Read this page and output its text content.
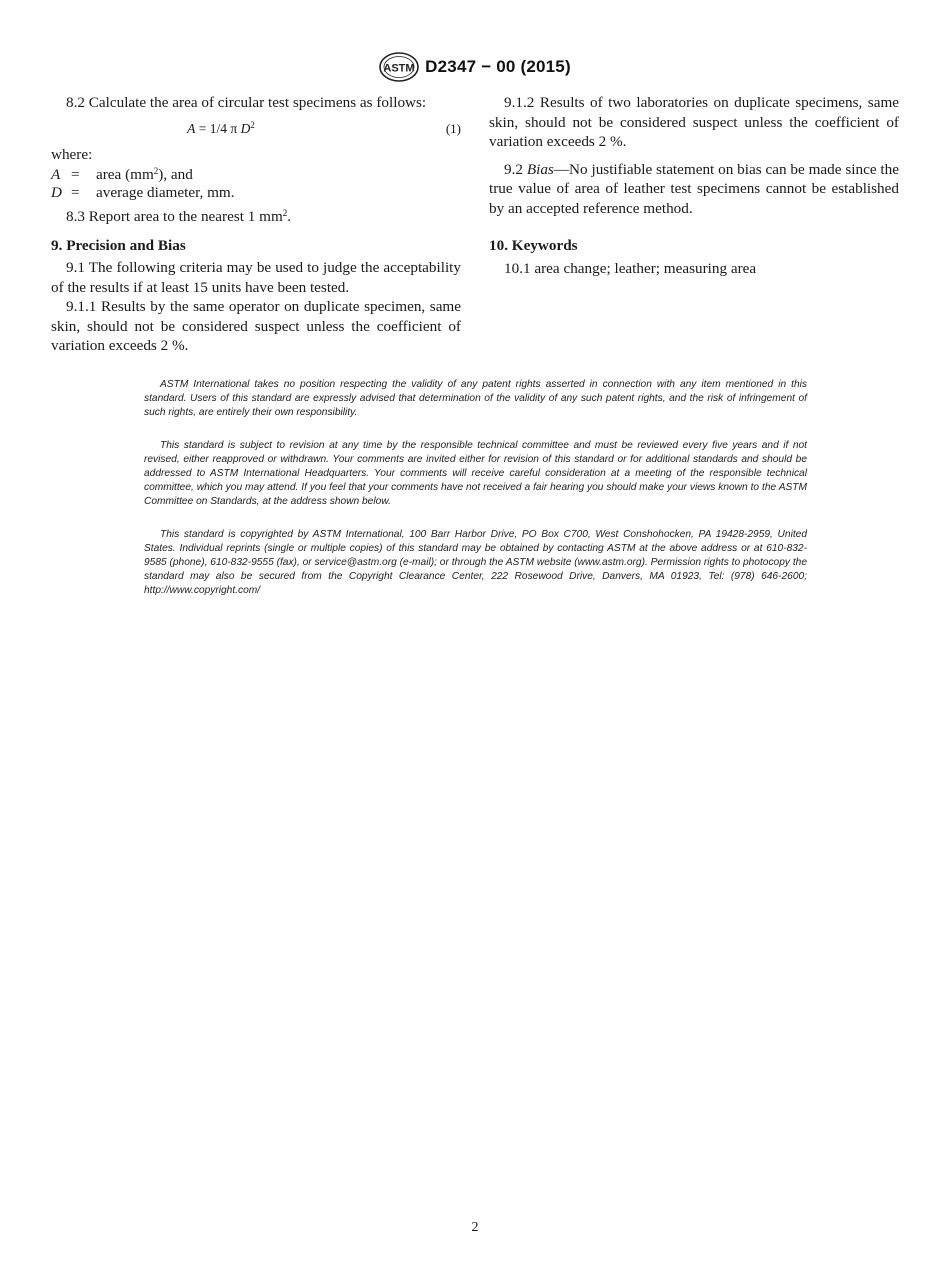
ASTM D2347 − 00 (2015)

8.2 Calculate the area of circular test specimens as follows:

A = 1/4 π $D^2$	(1)
where:
A =	area $(mm^2)$, and
D =	average diameter, mm.

8.3 Report area to the nearest 1 $mm^2$.

9. Precision and Bias

9.1 The following criteria may be used to judge the acceptability of the results if at least 15 units have been tested.

9.1.1 Results by the same operator on duplicate specimen, same skin, should not be considered suspect unless the coefficient of variation exceeds 2 %.

9.1.2 Results of two laboratories on duplicate specimens, same skin, should not be considered suspect unless the coefficient of variation exceeds 2 %.

9.2 Bias—No justifiable statement on bias can be made since the true value of area of leather test specimens cannot be established by an accepted reference method.

10. Keywords

10.1 area change; leather; measuring area

ASTM International takes no position respecting the validity of any patent rights asserted in connection with any item mentioned in this standard. Users of this standard are expressly advised that determination of the validity of any such patent rights, and the risk of infringement of such rights, are entirely their own responsibility.

This standard is subject to revision at any time by the responsible technical committee and must be reviewed every five years and if not revised, either reapproved or withdrawn. Your comments are invited either for revision of this standard or for additional standards and should be addressed to ASTM International Headquarters. Your comments will receive careful consideration at a meeting of the responsible technical committee, which you may attend. If you feel that your comments have not received a fair hearing you should make your views known to the ASTM Committee on Standards, at the address shown below.

This standard is copyrighted by ASTM International, 100 Barr Harbor Drive, PO Box C700, West Conshohocken, PA 19428-2959, United States. Individual reprints (single or multiple copies) of this standard may be obtained by contacting ASTM at the above address or at 610-832-9585 (phone), 610-832-9555 (fax), or service@astm.org (e-mail); or through the ASTM website (www.astm.org). Permission rights to photocopy the standard may also be secured from the Copyright Clearance Center, 222 Rosewood Drive, Danvers, MA 01923, Tel: (978) 646-2600; http://www.copyright.com/

2
